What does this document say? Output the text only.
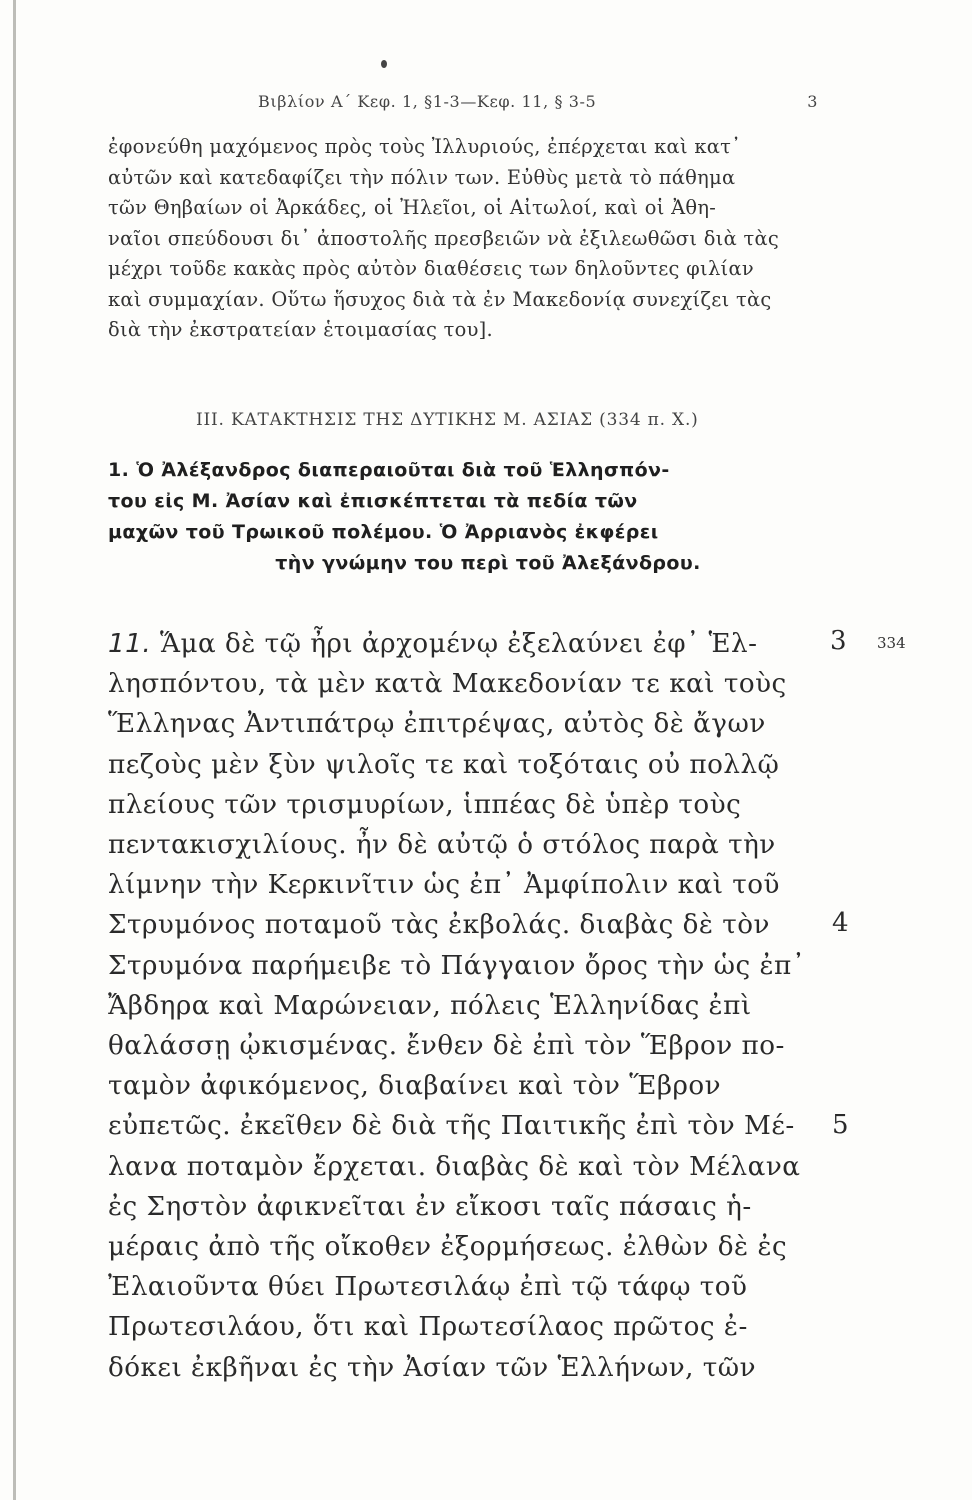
Βιβλίον Α΄ Κεφ. 1, §1-3—Κεφ. 11, § 3-5	3
ἐφονεύθη μαχόμενος πρὸς τοὺς Ἰλλυριούς, ἐπέρχεται καὶ κατ᾽
αὐτῶν καὶ κατεδαφίζει τὴν πόλιν των. Εὐθὺς μετὰ τὸ πάθημα
τῶν Θηβαίων οἱ Ἀρκάδες, οἱ Ἠλεῖοι, οἱ Αἰτωλοί, καὶ οἱ Ἀθη-
ναῖοι σπεύδουσι δι᾽ ἀποστολῆς πρεσβειῶν νὰ ἐξιλεωθῶσι διὰ τὰς
μέχρι τοῦδε κακὰς πρὸς αὐτὸν διαθέσεις των δηλοῦντες φιλίαν
καὶ συμμαχίαν. Οὕτω ἥσυχος διὰ τὰ ἐν Μακεδονίᾳ συνεχίζει τὰς
διὰ τὴν ἐκστρατείαν ἑτοιμασίας του].
ΙΙΙ. ΚΑΤΑΚΤΗΣΙΣ ΤΗΣ ΔΥΤΙΚΗΣ Μ. ΑΣΙΑΣ (334 π. Χ.)
1. Ὁ Ἀλέξανδρος διαπεραιοῦται διὰ τοῦ Ἑλλησπόν-
του εἰς Μ. Ἀσίαν καὶ ἐπισκέπτεται τὰ πεδία τῶν
μαχῶν τοῦ Τρωικοῦ πολέμου. Ὁ Ἀρριανὸς ἐκφέρει
τὴν γνώμην του περὶ τοῦ Ἀλεξάνδρου.
11. Ἅμα δὲ τῷ ἦρι ἀρχομένῳ ἐξελαύνει ἐφ᾽ Ἑλ-
λησπόντου, τὰ μὲν κατὰ Μακεδονίαν τε καὶ τοὺς
Ἕλληνας Ἀντιπάτρῳ ἐπιτρέψας, αὐτὸς δὲ ἄγων
πεζοὺς μὲν ξὺν ψιλοῖς τε καὶ τοξόταις οὐ πολλῷ
πλείους τῶν τρισμυρίων, ἱππέας δὲ ὑπὲρ τοὺς
πεντακισχιλίους. ἦν δὲ αὐτῷ ὁ στόλος παρὰ τὴν
λίμνην τὴν Κερκινῖτιν ὡς ἐπ᾽ Ἀμφίπολιν καὶ τοῦ
Στρυμόνος ποταμοῦ τὰς ἐκβολάς. διαβὰς δὲ τὸν
Στρυμόνα παρήμειβε τὸ Πάγγαιον ὄρος τὴν ὡς ἐπ᾽
Ἄβδηρα καὶ Μαρώνειαν, πόλεις Ἑλληνίδας ἐπὶ
θαλάσσῃ ᾠκισμένας. ἔνθεν δὲ ἐπὶ τὸν Ἕβρον πο-
ταμὸν ἀφικόμενος, διαβαίνει καὶ τὸν Ἕβρον
εὐπετῶς. ἐκεῖθεν δὲ διὰ τῆς Παιτικῆς ἐπὶ τὸν Μέ-
λανα ποταμὸν ἔρχεται. διαβὰς δὲ καὶ τὸν Μέλανα
ἐς Σηστὸν ἀφικνεῖται ἐν εἴκοσι ταῖς πάσαις ἡ-
μέραις ἀπὸ τῆς οἴκοθεν ἐξορμήσεως. ἐλθὼν δὲ ἐς
Ἐλαιοῦντα θύει Πρωτεσιλάῳ ἐπὶ τῷ τάφῳ τοῦ
Πρωτεσιλάου, ὅτι καὶ Πρωτεσίλαος πρῶτος ἐ-
δόκει ἐκβῆναι ἐς τὴν Ἀσίαν τῶν Ἑλλήνων, τῶν
3 334
4
5
